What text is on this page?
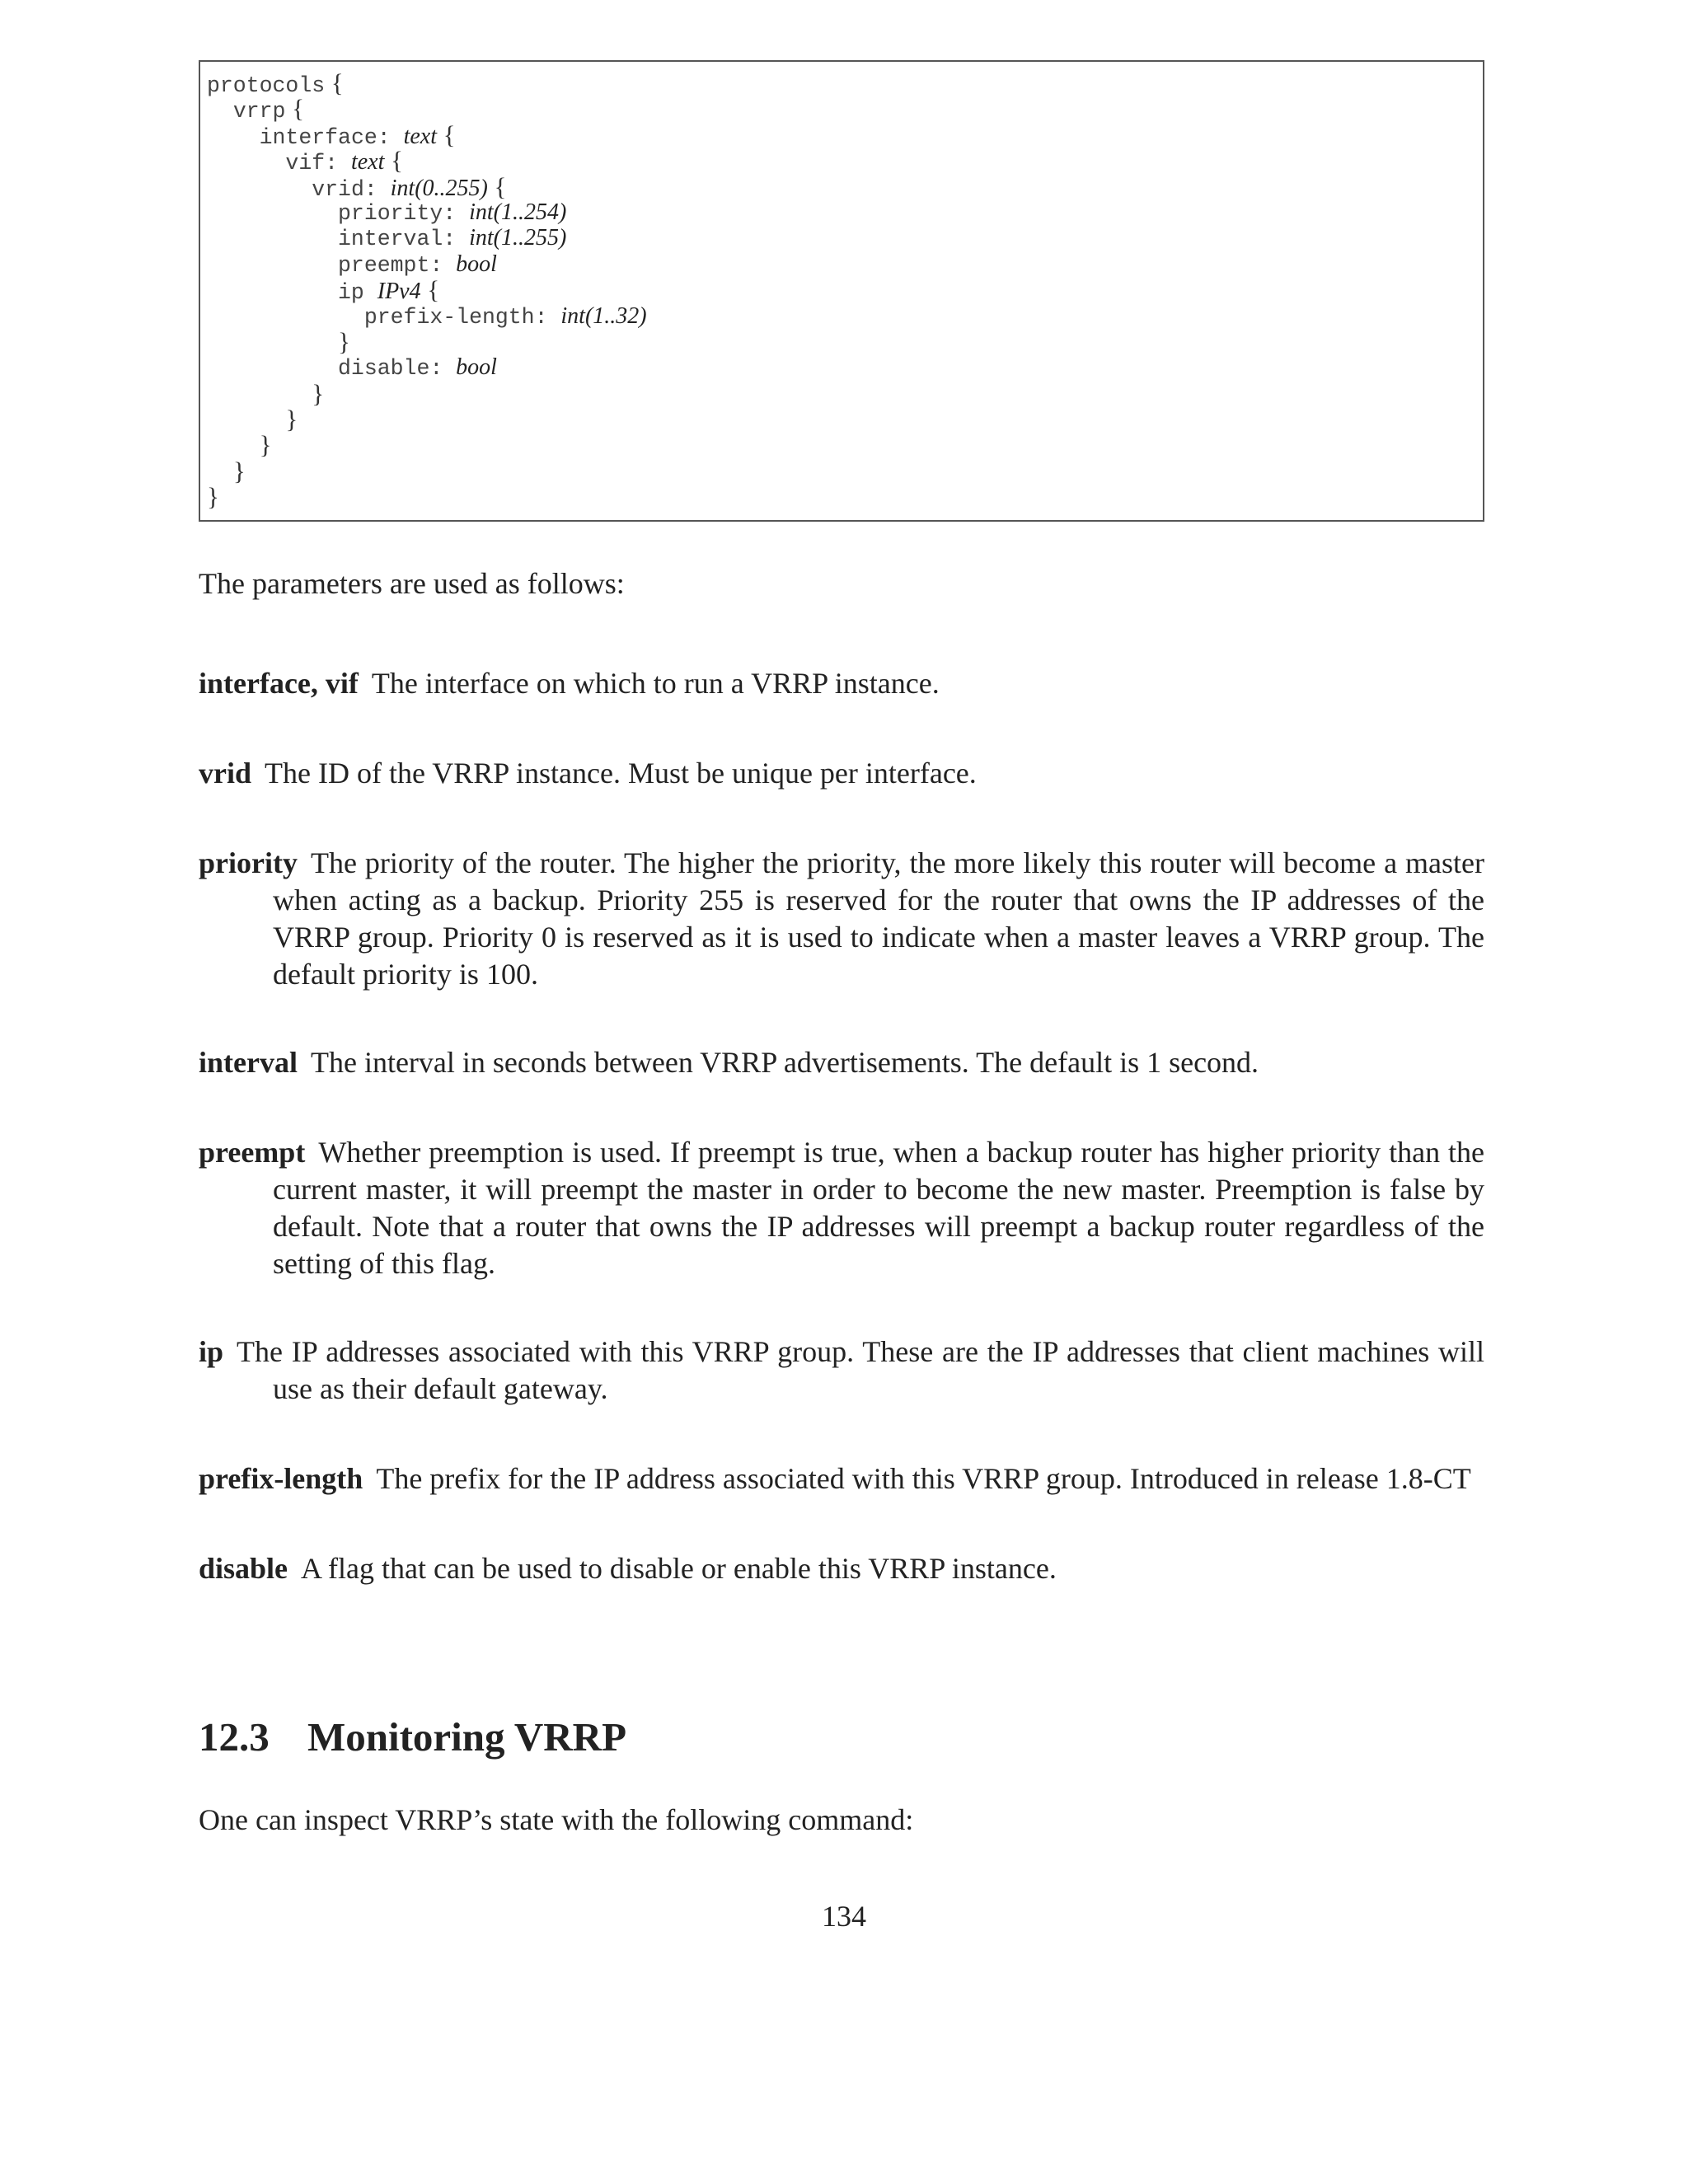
protocols {
vrrp {
interface: text {
vif: text {
vrid: int(0..255) {
priority: int(1..254)
interval: int(1..255)
preempt: bool
ip IPv4 {
prefix-length: int(1..32)
}
disable: bool
}
}
}
}
}
The parameters are used as follows:
interface, vif The interface on which to run a VRRP instance.
vrid The ID of the VRRP instance. Must be unique per interface.
priority The priority of the router. The higher the priority, the more likely this router will become a master when acting as a backup. Priority 255 is reserved for the router that owns the IP addresses of the VRRP group. Priority 0 is reserved as it is used to indicate when a master leaves a VRRP group. The default priority is 100.
interval The interval in seconds between VRRP advertisements. The default is 1 second.
preempt Whether preemption is used. If preempt is true, when a backup router has higher priority than the current master, it will preempt the master in order to become the new master. Preemption is false by default. Note that a router that owns the IP addresses will preempt a backup router regardless of the setting of this flag.
ip The IP addresses associated with this VRRP group. These are the IP addresses that client machines will use as their default gateway.
prefix-length The prefix for the IP address associated with this VRRP group. Introduced in release 1.8-CT
disable A flag that can be used to disable or enable this VRRP instance.
12.3 Monitoring VRRP
One can inspect VRRP’s state with the following command:
134
